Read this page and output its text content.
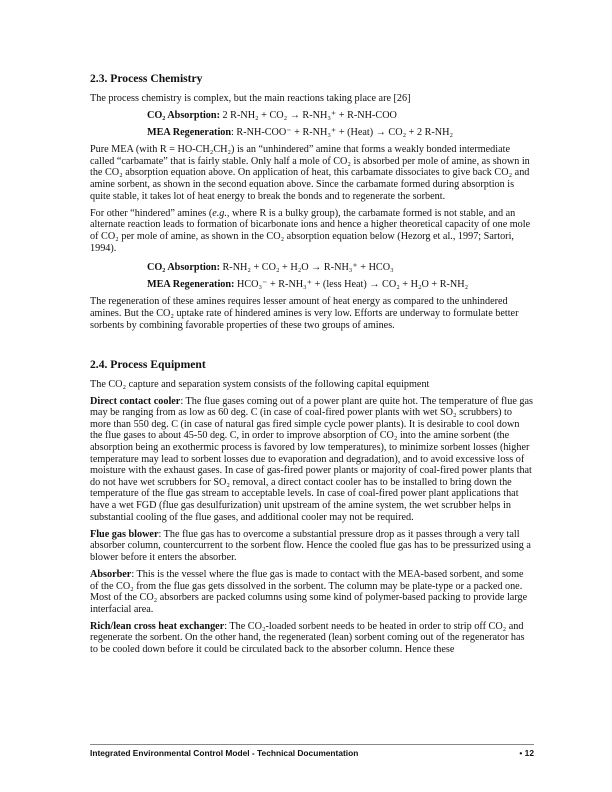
2.3. Process Chemistry

The process chemistry is complex, but the main reactions taking place are [26]

CO₂ Absorption: 2 R-NH₂ + CO₂ → R-NH₃⁺ + R-NH-COO
MEA Regeneration: R-NH-COO⁻ + R-NH₃⁺ + (Heat) → CO₂ + 2 R-NH₂

Pure MEA (with R = HO-CH₂CH₂) is an “unhindered” amine that forms a weakly bonded intermediate called “carbamate” that is fairly stable. Only half a mole of CO₂ is absorbed per mole of amine, as shown in the CO₂ absorption equation above. On application of heat, this carbamate dissociates to give back CO₂ and amine sorbent, as shown in the second equation above. Since the carbamate formed during absorption is quite stable, it takes lot of heat energy to break the bonds and to regenerate the sorbent.

For other “hindered” amines (e.g., where R is a bulky group), the carbamate formed is not stable, and an alternate reaction leads to formation of bicarbonate ions and hence a higher theoretical capacity of one mole of CO₂ per mole of amine, as shown in the CO₂ absorption equation below (Hezorg et al., 1997; Sartori, 1994).

CO₂ Absorption: R-NH₂ + CO₂ + H₂O → R-NH₃⁺ + HCO₃
MEA Regeneration: HCO₃⁻ + R-NH₃⁺ + (less Heat) → CO₂ + H₂O + R-NH₂

The regeneration of these amines requires lesser amount of heat energy as compared to the unhindered amines. But the CO₂ uptake rate of hindered amines is very low. Efforts are underway to formulate better sorbents by combining favorable properties of these two groups of amines.

2.4. Process Equipment

The CO₂ capture and separation system consists of the following capital equipment

Direct contact cooler: The flue gases coming out of a power plant are quite hot. The temperature of flue gas may be ranging from as low as 60 deg. C (in case of coal-fired power plants with wet SO₂ scrubbers) to more than 550 deg. C (in case of natural gas fired simple cycle power plants). It is desirable to cool down the flue gases to about 45-50 deg. C, in order to improve absorption of CO₂ into the amine sorbent (the absorption being an exothermic process is favored by low temperatures), to minimize sorbent losses (higher temperature may lead to sorbent losses due to evaporation and degradation), and to avoid excessive loss of moisture with the exhaust gases. In case of gas-fired power plants or majority of coal-fired power plants that do not have wet scrubbers for SO₂ removal, a direct contact cooler has to be installed to bring down the temperature of the flue gas stream to acceptable levels. In case of coal-fired power plant applications that have a wet FGD (flue gas desulfurization) unit upstream of the amine system, the wet scrubber helps in substantial cooling of the flue gases, and additional cooler may not be required.

Flue gas blower: The flue gas has to overcome a substantial pressure drop as it passes through a very tall absorber column, countercurrent to the sorbent flow. Hence the cooled flue gas has to be pressurized using a blower before it enters the absorber.

Absorber: This is the vessel where the flue gas is made to contact with the MEA-based sorbent, and some of the CO₂ from the flue gas gets dissolved in the sorbent. The column may be plate-type or a packed one. Most of the CO₂ absorbers are packed columns using some kind of polymer-based packing to provide large interfacial area.

Rich/lean cross heat exchanger: The CO₂-loaded sorbent needs to be heated in order to strip off CO₂ and regenerate the sorbent. On the other hand, the regenerated (lean) sorbent coming out of the regenerator has to be cooled down before it could be circulated back to the absorber column. Hence these

Integrated Environmental Control Model - Technical Documentation	• 12
